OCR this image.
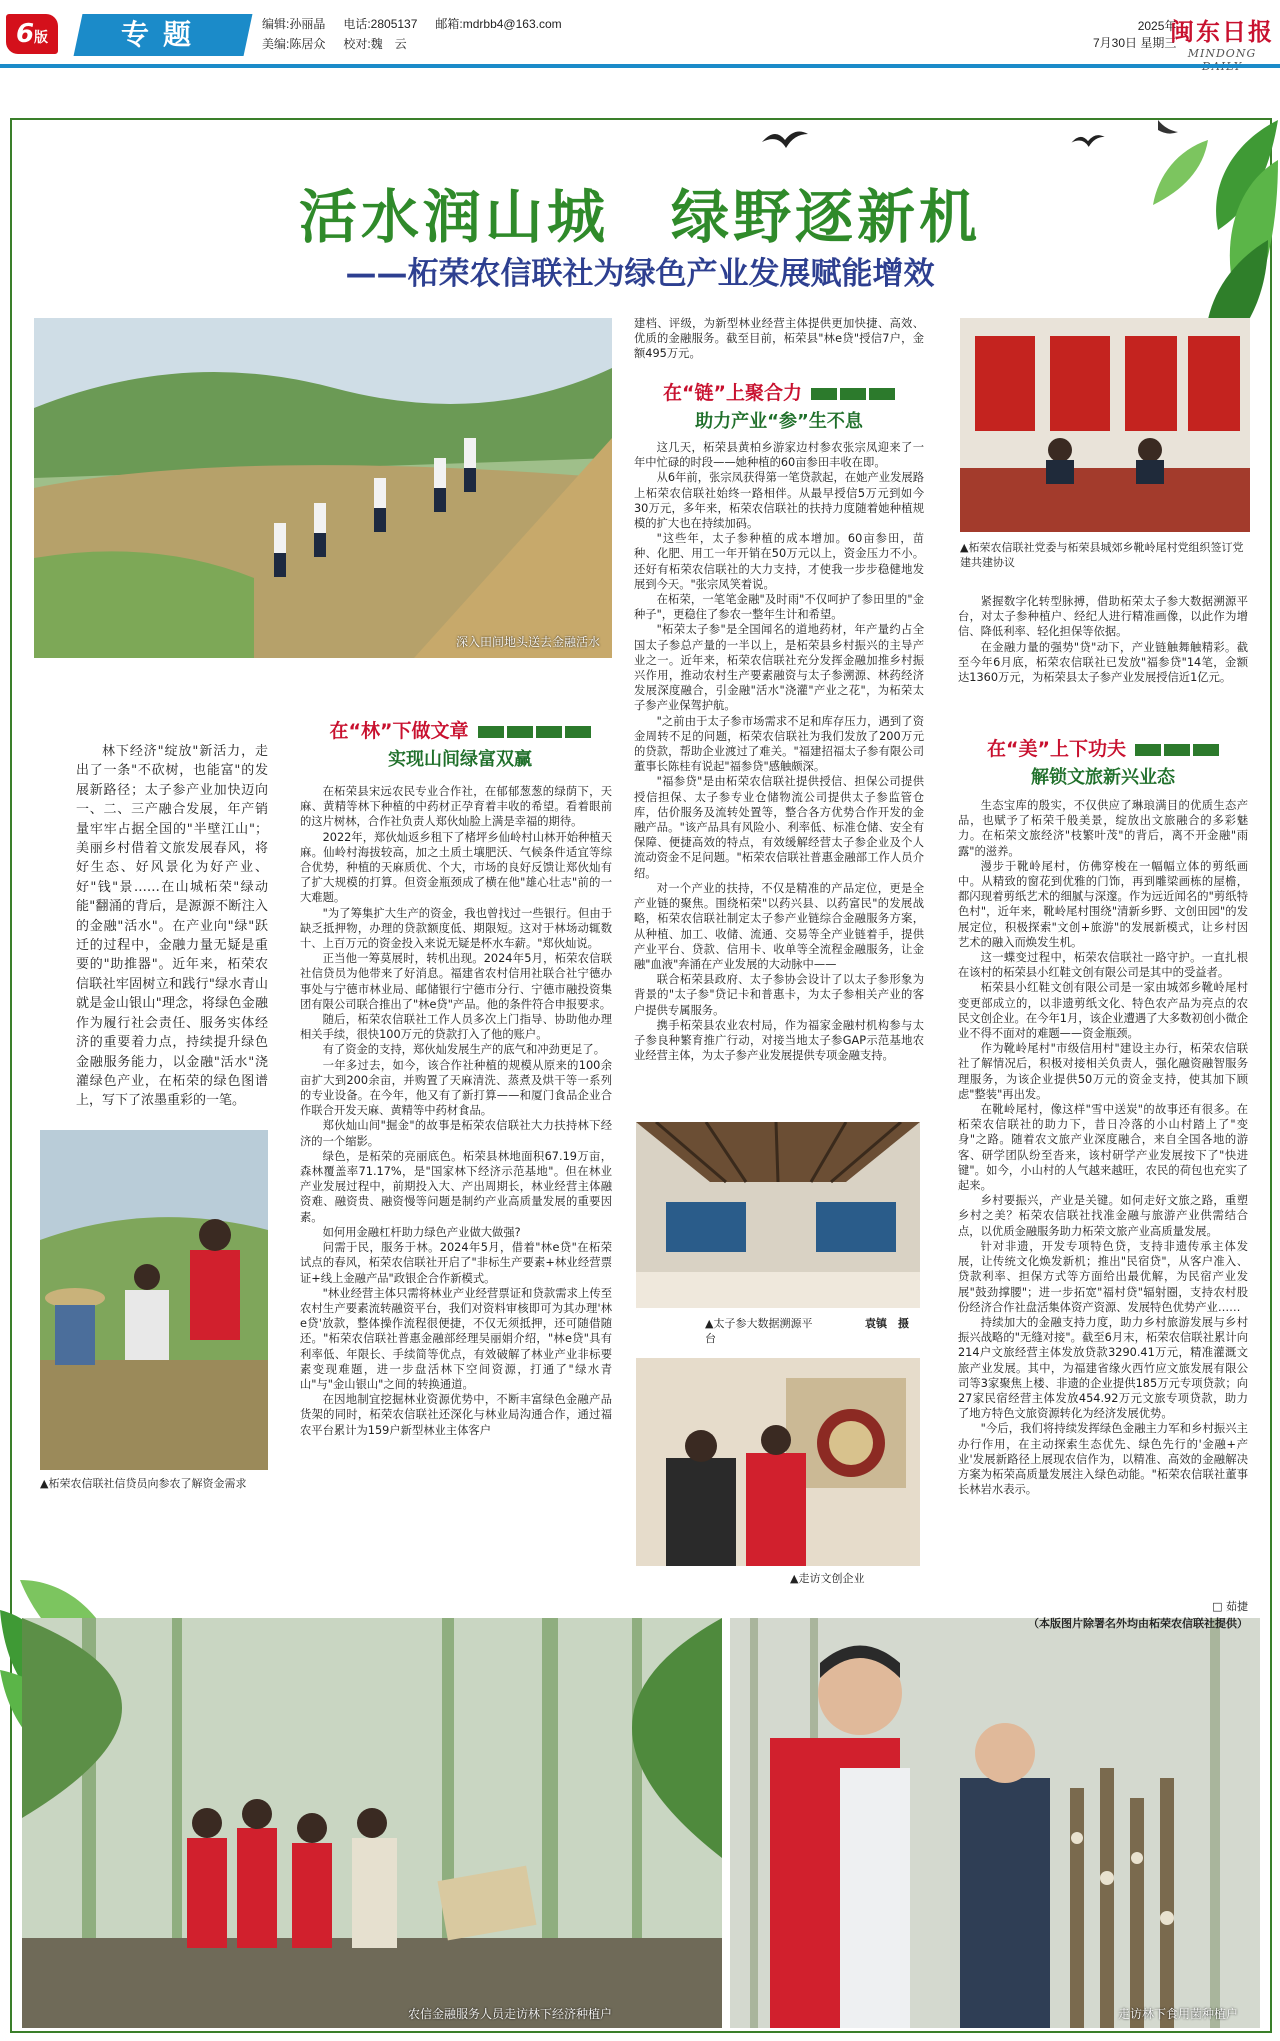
6版	专题	编辑:孙丽晶 电话:2805137 邮箱:mdrbb4@163.com
美编:陈居众 校对:魏　云
2025年
7月30日 星期三
闽东日报
MINDONG
活水润山城　绿野逐新机
——柘荣农信联社为绿色产业发展赋能增效
深入田间地头送去金融活水
▲柘荣农信联社党委与柘荣县城郊乡靴岭尾村党组织签订党建共建协议
▲柘荣农信联社信贷员向参农了解资金需求
▲太子参大数据溯源平台
袁镇　摄
▲走访文创企业
农信金融服务人员走访林下经济种植户	走访林下食用菌种植户

林下经济"绽放"新活力，走出了一条"不砍树，也能富"的发展新路径；太子参产业加快迈向一、二、三产融合发展，年产销量牢牢占据全国的"半壁江山"；美丽乡村借着文旅发展春风，将好生态、好风景化为好产业、好"钱"景……在山城柘荣"绿动能"翻涌的背后，是源源不断注入的金融"活水"。在产业向"绿"跃迁的过程中，金融力量无疑是重要的"助推器"。近年来，柘荣农信联社牢固树立和践行"绿水青山就是金山银山"理念，将绿色金融作为履行社会责任、服务实体经济的重要着力点，持续提升绿色金融服务能力，以金融"活水"浇灌绿色产业，在柘荣的绿色图谱上，写下了浓墨重彩的一笔。

在“林”下做文章
实现山间绿富双赢

在柘荣县宋远农民专业合作社，在郁郁葱葱的绿荫下，天麻、黄精等林下种植的中药材正孕育着丰收的希望。看着眼前的这片树林，合作社负责人郑伙灿脸上满是幸福的期待。

2022年，郑伙灿返乡租下了楮坪乡仙岭村山林开始种植天麻。仙岭村海拔较高，加之土质土壤肥沃、气候条件适宜等综合优势，种植的天麻质优、个大，市场的良好反馈让郑伙灿有了扩大规模的打算。但资金瓶颈成了横在他"雄心壮志"前的一大难题。

"为了筹集扩大生产的资金，我也曾找过一些银行。但由于缺乏抵押物，办理的贷款额度低、期限短。这对于林场动辄数十、上百万元的资金投入来说无疑是杯水车薪。"郑伙灿说。

正当他一筹莫展时，转机出现。2024年5月，柘荣农信联社信贷员为他带来了好消息。福建省农村信用社联合社宁德办事处与宁德市林业局、邮储银行宁德市分行、宁德市融投资集团有限公司联合推出了"林e贷"产品。他的条件符合申报要求。

随后，柘荣农信联社工作人员多次上门指导、协助他办理相关手续，很快100万元的贷款打入了他的账户。

有了资金的支持，郑伙灿发展生产的底气和冲劲更足了。

一年多过去，如今，该合作社种植的规模从原来的100余亩扩大到200余亩，并购置了天麻清洗、蒸煮及烘干等一系列的专业设备。在今年，他又有了新打算——和厦门食品企业合作联合开发天麻、黄精等中药材食品。

郑伙灿山间"掘金"的故事是柘荣农信联社大力扶持林下经济的一个缩影。

绿色，是柘荣的亮丽底色。柘荣县林地面积67.19万亩，森林覆盖率71.17%，是"国家林下经济示范基地"。但在林业产业发展过程中，前期投入大、产出周期长，林业经营主体融资难、融资贵、融资慢等问题是制约产业高质量发展的重要因素。

如何用金融杠杆助力绿色产业做大做强?

问需于民，服务于林。2024年5月，借着"林e贷"在柘荣试点的春风，柘荣农信联社开启了"非标生产要素+林业经营票证+线上金融产品"政银企合作新模式。

"林业经营主体只需将林业产业经营票证和贷款需求上传至农村生产要素流转融资平台，我们对资料审核即可为其办理'林e贷'放款，整体操作流程很便捷，不仅无须抵押，还可随借随还。"柘荣农信联社普惠金融部经理吴丽娟介绍，"林e贷"具有利率低、年限长、手续简等优点，有效破解了林业产业非标要素变现难题，进一步盘活林下空间资源，打通了"绿水青山"与"金山银山"之间的转换通道。

在因地制宜挖掘林业资源优势中，不断丰富绿色金融产品货架的同时，柘荣农信联社还深化与林业局沟通合作，通过福农平台累计为159户新型林业主体客户

建档、评级，为新型林业经营主体提供更加快捷、高效、优质的金融服务。截至目前，柘荣县"林e贷"授信7户，金额495万元。

在“链”上聚合力
助力产业“参”生不息

这几天，柘荣县黄柏乡游家边村参农张宗凤迎来了一年中忙碌的时段——她种植的60亩参田丰收在即。

从6年前，张宗凤获得第一笔贷款起，在她产业发展路上柘荣农信联社始终一路相伴。从最早授信5万元到如今30万元，多年来，柘荣农信联社的扶持力度随着她种植规模的扩大也在持续加码。

"这些年，太子参种植的成本增加。60亩参田，苗种、化肥、用工一年开销在50万元以上，资金压力不小。还好有柘荣农信联社的大力支持，才使我一步步稳健地发展到今天。"张宗凤笑着说。

在柘荣，一笔笔金融"及时雨"不仅呵护了参田里的"金种子"，更稳住了参农一整年生计和希望。

"柘荣太子参"是全国闻名的道地药材，年产量约占全国太子参总产量的一半以上，是柘荣县乡村振兴的主导产业之一。近年来，柘荣农信联社充分发挥金融加推乡村振兴作用，推动农村生产要素融资与太子参溯源、林药经济发展深度融合，引金融"活水"浇灌"产业之花"，为柘荣太子参产业保驾护航。

"之前由于太子参市场需求不足和库存压力，遇到了资金周转不足的问题，柘荣农信联社为我们发放了200万元的贷款，帮助企业渡过了难关。"福建招福太子参有限公司董事长陈桂有说起"福参贷"感触颇深。

"福参贷"是由柘荣农信联社提供授信、担保公司提供授信担保、太子参专业仓储物流公司提供太子参监管仓库，估价服务及流转处置等，整合各方优势合作开发的金融产品。"该产品具有风险小、利率低、标准仓储、安全有保障、便捷高效的特点，有效缓解经营太子参企业及个人流动资金不足问题。"柘荣农信联社普惠金融部工作人员介绍。

对一个产业的扶持，不仅是精准的产品定位，更是全产业链的聚焦。围绕柘荣"以药兴县、以药富民"的发展战略，柘荣农信联社制定太子参产业链综合金融服务方案，从种植、加工、收储、流通、交易等全产业链着手，提供产业平台、贷款、信用卡、收单等全流程金融服务，让金融"血液"奔涌在产业发展的大动脉中——

联合柘荣县政府、太子参协会设计了以太子参形象为背景的"太子参"贷记卡和普惠卡，为太子参相关产业的客户提供专属服务。

携手柘荣县农业农村局，作为福家金融村机构参与太子参良种繁育推广行动，对接当地太子参GAP示范基地农业经营主体，为太子参产业发展提供专项金融支持。

紧握数字化转型脉搏，借助柘荣太子参大数据溯源平台，对太子参种植户、经纪人进行精准画像，以此作为增信、降低利率、轻化担保等依据。

在金融力量的强势"贷"动下，产业链触舞触精彩。截至今年6月底，柘荣农信联社已发放"福参贷"14笔，金额达1360万元，为柘荣县太子参产业发展授信近1亿元。

在“美”上下功夫
解锁文旅新兴业态

生态宝库的殷实，不仅供应了琳琅满目的优质生态产品，也赋予了柘荣千般美景，绽放出文旅融合的多彩魅力。在柘荣文旅经济"枝繁叶茂"的背后，离不开金融"雨露"的滋养。

漫步于靴岭尾村，仿佛穿梭在一幅幅立体的剪纸画中。从精致的窗花到优雅的门饰，再到雕梁画栋的屋檐，都闪现着剪纸艺术的细腻与深邃。作为远近闻名的"剪纸特色村"，近年来，靴岭尾村围绕"清新乡野、文创田园"的发展定位，积极探索"文创+旅游"的发展新模式，让乡村因艺术的融入而焕发生机。

这一蝶变过程中，柘荣农信联社一路守护。一直扎根在该村的柘荣县小红鞋文创有限公司是其中的受益者。

柘荣县小红鞋文创有限公司是一家由城郊乡靴岭尾村变更部成立的，以非遗剪纸文化、特色农产品为亮点的农民文创企业。在今年1月，该企业遭遇了大多数初创小微企业不得不面对的难题——资金瓶颈。

作为靴岭尾村"市级信用村"建设主办行，柘荣农信联社了解情况后，积极对接相关负责人，强化融资融智服务理服务，为该企业提供50万元的资金支持，使其加下顾虑"整装"再出发。

在靴岭尾村，像这样"雪中送炭"的故事还有很多。在柘荣农信联社的助力下，昔日冷落的小山村踏上了"变身"之路。随着农文旅产业深度融合，来自全国各地的游客、研学团队纷至沓来，该村研学产业发展按下了"快进键"。如今，小山村的人气越来越旺，农民的荷包也充实了起来。

乡村要振兴，产业是关键。如何走好文旅之路，重塑乡村之美？柘荣农信联社找准金融与旅游产业供需结合点，以优质金融服务助力柘荣文旅产业高质量发展。

针对非遗，开发专项特色贷，支持非遗传承主体发展，让传统文化焕发新机；推出"民宿贷"，从客户准入、贷款利率、担保方式等方面给出最优解，为民宿产业发展"鼓劲撑腰"；进一步拓宽"福村贷"辐射圈，支持农村股份经济合作社盘活集体资产资源、发展特色优势产业……

持续加大的金融支持力度，助力乡村旅游发展与乡村振兴战略的"无缝对接"。截至6月末，柘荣农信联社累计向214户文旅经营主体发放贷款3290.41万元，精准灌溉文旅产业发展。其中，为福建省缘火西竹应文旅发展有限公司等3家聚焦上楼、非遗的企业提供185万元专项贷款；向27家民宿经营主体发放454.92万元文旅专项贷款，助力了地方特色文旅资源转化为经济发展优势。

"今后，我们将持续发挥绿色金融主力军和乡村振兴主办行作用，在主动探索生态优先、绿色先行的'金融+产业'发展新路径上展现农信作为，以精准、高效的金融解决方案为柘荣高质量发展注入绿色动能。"柘荣农信联社董事长林岩水表示。

□ 茹捷
（本版图片除署名外均由柘荣农信联社提供）
